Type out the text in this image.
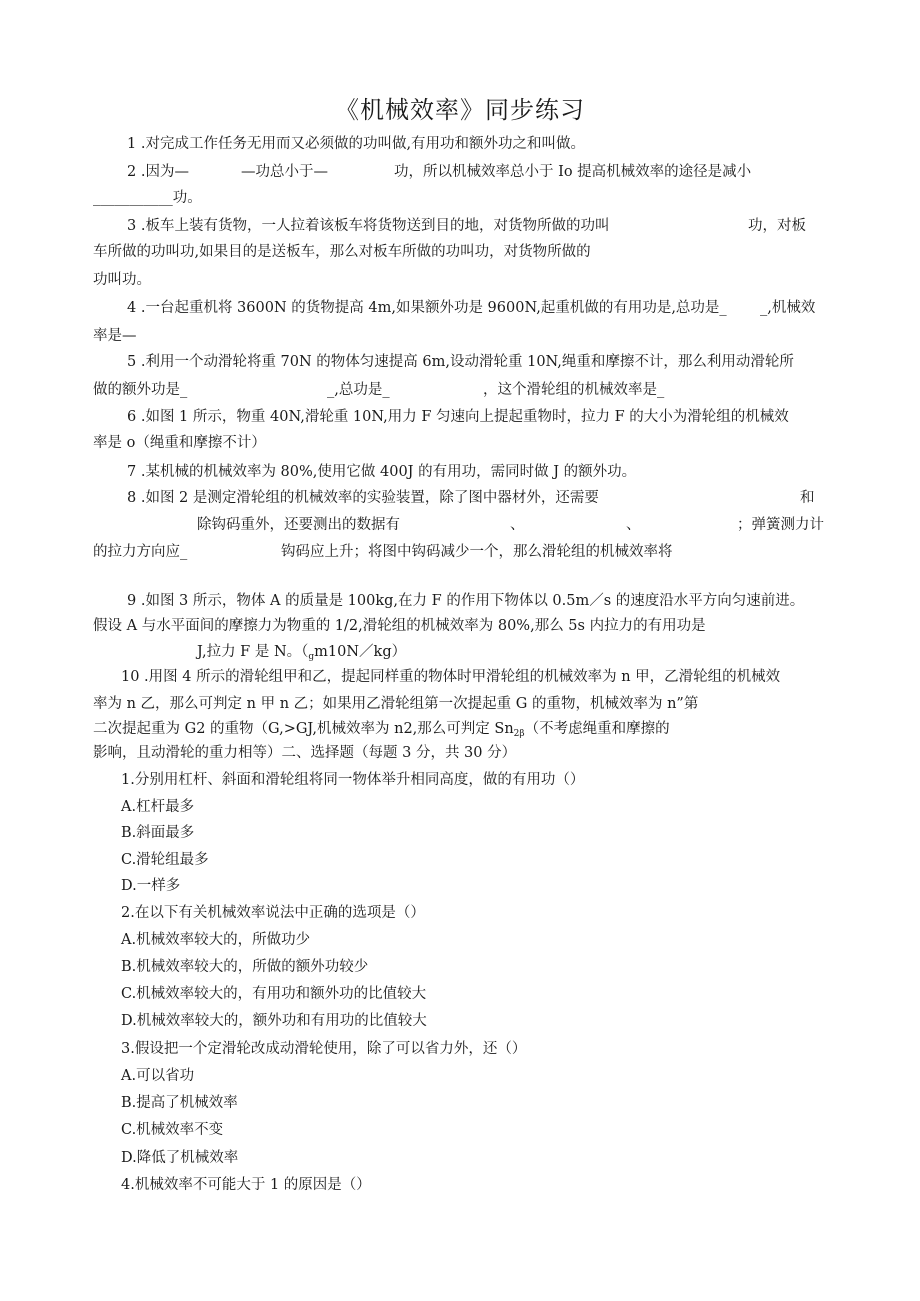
《机械效率》同步练习
1 .对完成工作任务无用而又必须做的功叫做,有用功和额外功之和叫做。
2 .因为—	—功总小于—	功，所以机械效率总小于 Io 提高机械效率的途径是减小
___________功。
3 .板车上装有货物，一人拉着该板车将货物送到目的地，对货物所做的功叫	功，对板
车所做的功叫功,如果目的是送板车，那么对板车所做的功叫功，对货物所做的
功叫功。
4 .一台起重机将 3600N 的货物提高 4m,如果额外功是 9600N,起重机做的有用功是,总功是_ _,机械效
率是—
5 .利用一个动滑轮将重 70N 的物体匀速提高 6m,设动滑轮重 10N,绳重和摩擦不计，那么利用动滑轮所
做的额外功是_	_,总功是_	，这个滑轮组的机械效率是_
6 .如图 1 所示，物重 40N,滑轮重 10N,用力 F 匀速向上提起重物时，拉力 F 的大小为滑轮组的机械效
率是 o（绳重和摩擦不计）
7 .某机械的机械效率为 80%,使用它做 400J 的有用功，需同时做 J 的额外功。
8 .如图 2 是测定滑轮组的机械效率的实验装置，除了图中器材外，还需要	和
除钩码重外，还要测出的数据有	、	、	；弹簧测力计
的拉力方向应_	钩码应上升；将图中钩码减少一个，那么滑轮组的机械效率将
9 .如图 3 所示，物体 A 的质量是 100kg,在力 F 的作用下物体以 0.5m／s 的速度沿水平方向匀速前进。
假设 A 与水平面间的摩擦力为物重的 1/2,滑轮组的机械效率为 80%,那么 5s 内拉力的有用功是
J,拉力 F 是 N。$(_gm10N/kg)$
10 .用图 4 所示的滑轮组甲和乙，提起同样重的物体时甲滑轮组的机械效率为 n 甲，乙滑轮组的机械效
率为 n 乙，那么可判定 n 甲 n 乙；如果用乙滑轮组第一次提起重 G 的重物，机械效率为 n”第
二次提起重为 G2 的重物（G,>GJ,机械效率为 n2,那么可判定 $Sn_{2\beta}$（不考虑绳重和摩擦的
影响，且动滑轮的重力相等）二、选择题（每题 3 分，共 30 分）
1.分别用杠杆、斜面和滑轮组将同一物体举升相同高度，做的有用功（）
A.杠杆最多
B.斜面最多
C.滑轮组最多
D.一样多
2.在以下有关机械效率说法中正确的选项是（）
A.机械效率较大的，所做功少
B.机械效率较大的，所做的额外功较少
C.机械效率较大的，有用功和额外功的比值较大
D.机械效率较大的，额外功和有用功的比值较大
3.假设把一个定滑轮改成动滑轮使用，除了可以省力外，还（）
A.可以省功
B.提高了机械效率
C.机械效率不变
D.降低了机械效率
4.机械效率不可能大于 1 的原因是（）
